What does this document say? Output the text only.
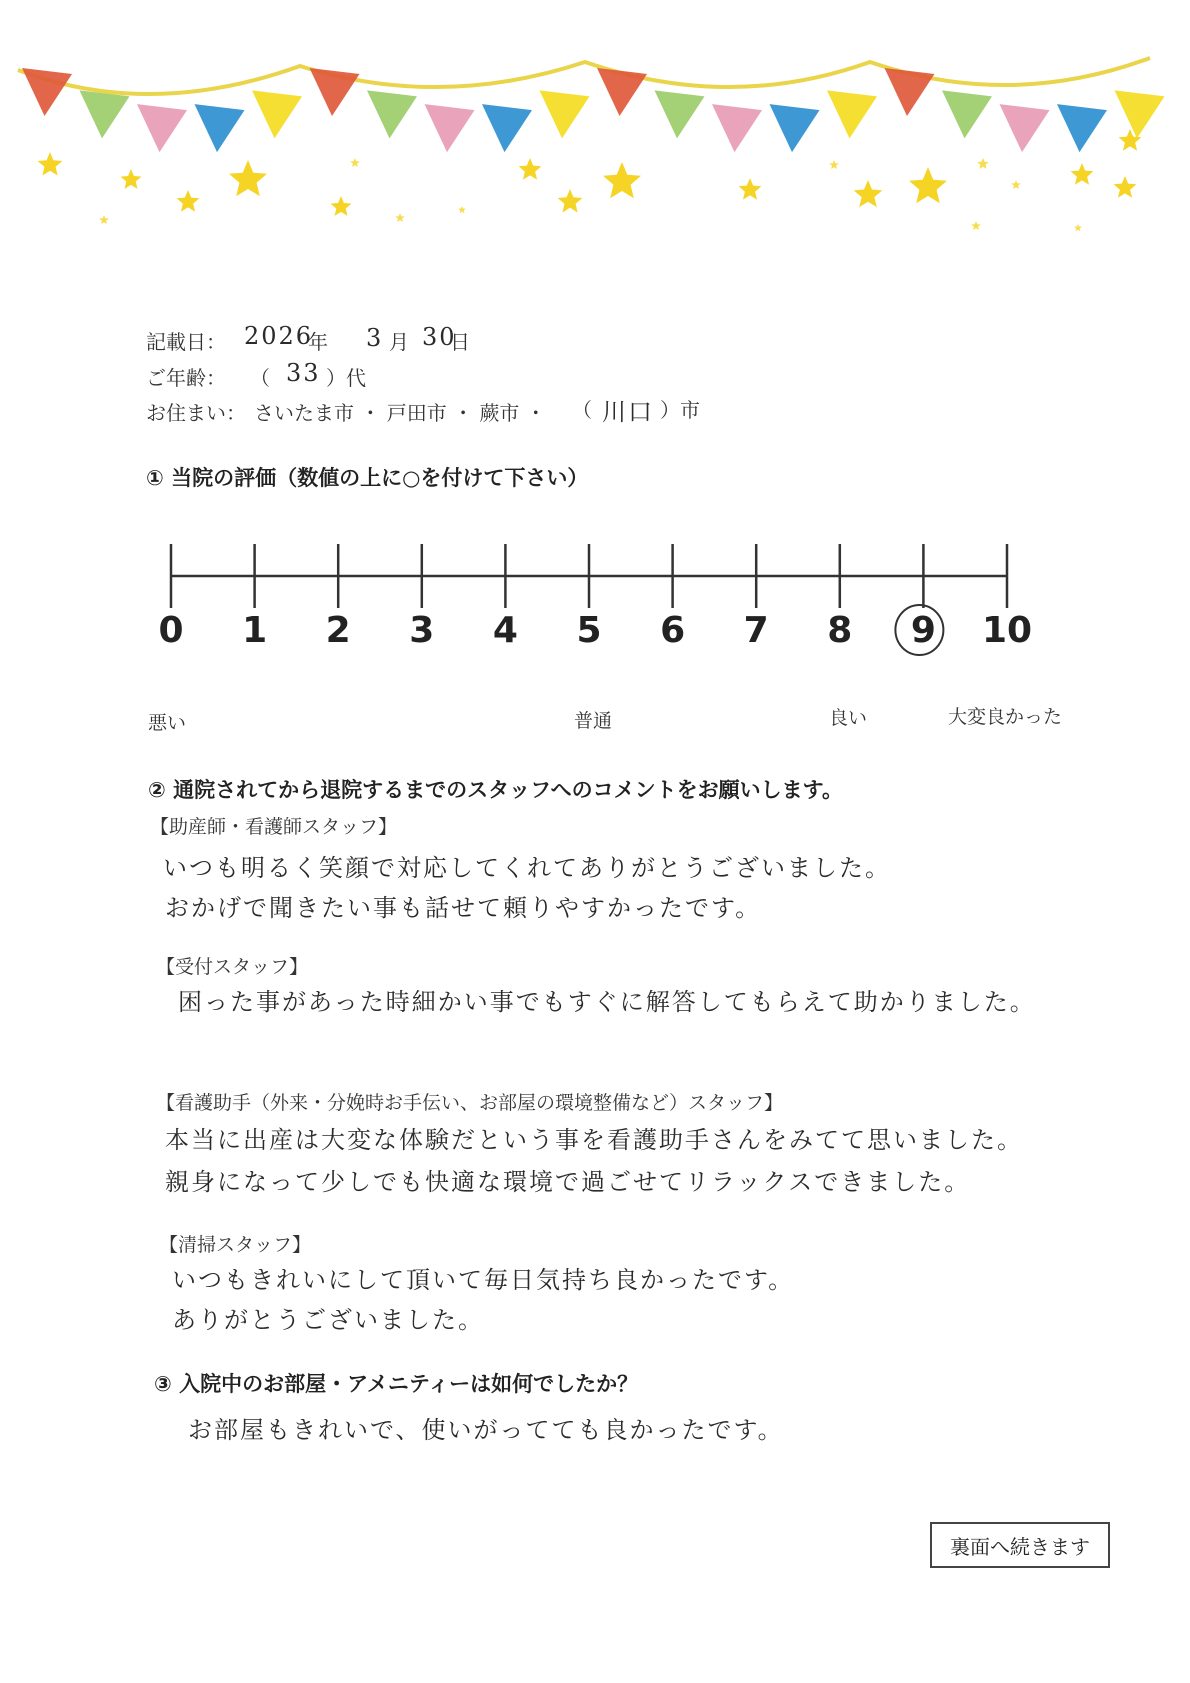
記載日： 2026
年 3 月 30
日
ご年齢： （ 33 ）代
お住まい： さいたま市 ・ 戸田市 ・ 蕨市 ・ （ 川口 ）市
① 当院の評価（数値の上に○を付けて下さい）
0 1 2 3 4 5 6 7 8 9 10
悪い	普通	良い	大変良かった
② 通院されてから退院するまでのスタッフへのコメントをお願いします。
【助産師・看護師スタッフ】
いつも明るく笑顔で対応してくれてありがとうございました。
おかげで聞きたい事も話せて頼りやすかったです。
【受付スタッフ】
困った事があった時細かい事でもすぐに解答してもらえて助かりました。
【看護助手（外来・分娩時お手伝い、お部屋の環境整備など）スタッフ】
本当に出産は大変な体験だという事を看護助手さんをみてて思いました。
親身になって少しでも快適な環境で過ごせてリラックスできました。
【清掃スタッフ】
いつもきれいにして頂いて毎日気持ち良かったです。
ありがとうございました。
③ 入院中のお部屋・アメニティーは如何でしたか？
お部屋もきれいで、使いがってても良かったです。
裏面へ続きます
